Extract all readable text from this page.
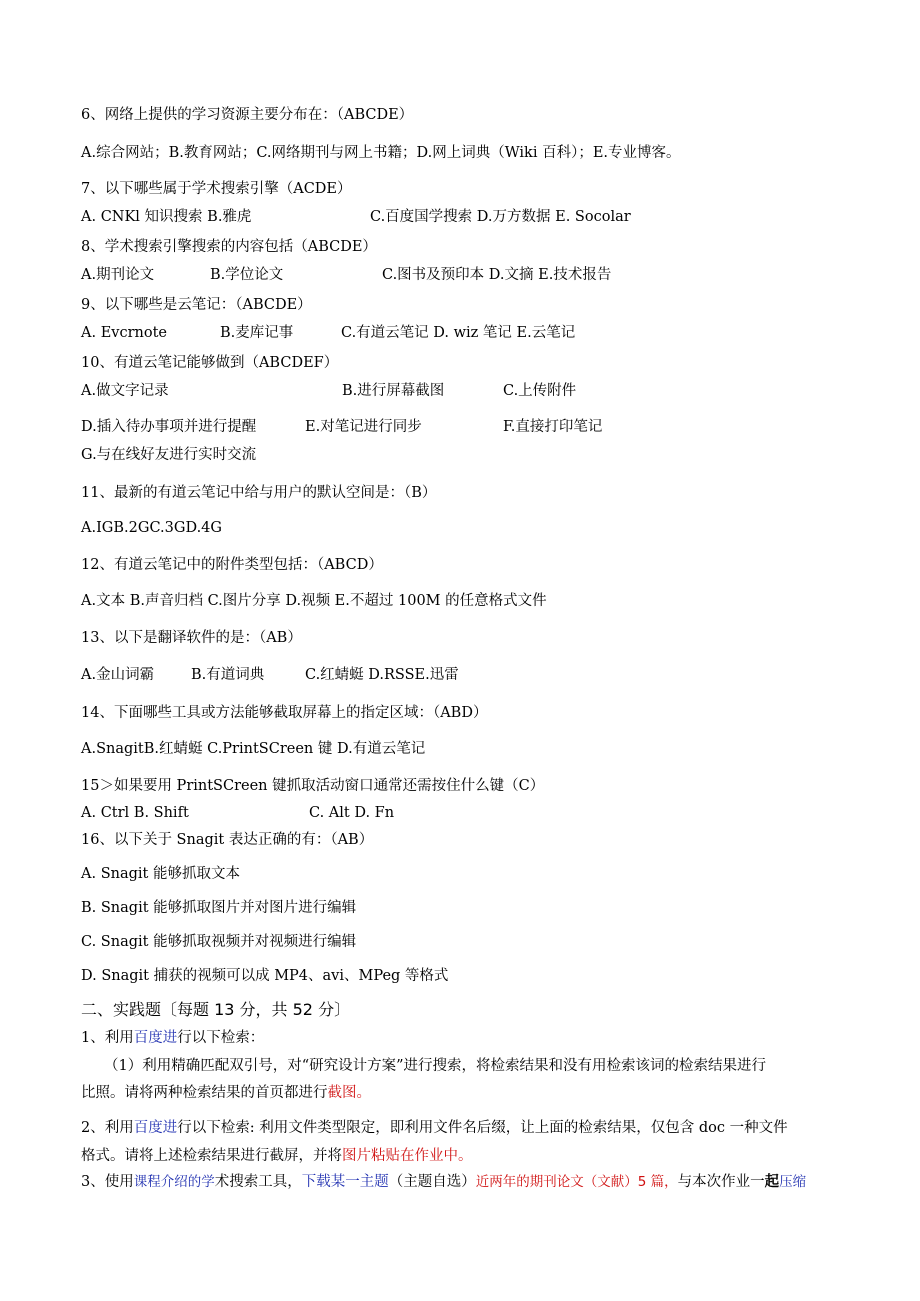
6、网络上提供的学习资源主要分布在：（ABCDE）
A.综合网站；B.教育网站；C.网络期刊与网上书籍；D.网上词典（Wiki 百科）；E.专业博客。
7、以下哪些属于学术搜索引擎（ACDE）
A. CNKl 知识搜索 B.雅虎	C.百度国学搜索 D.万方数据 E. Socolar
8、学术搜索引擎搜索的内容包括（ABCDE）
A.期刊论文	B.学位论文	C.图书及预印本 D.文摘 E.技术报告
9、以下哪些是云笔记：（ABCDE）
A. Evcrnote	B.麦库记事	C.有道云笔记 D. wiz 笔记 E.云笔记
10、有道云笔记能够做到（ABCDEF）
A.做文字记录	B.进行屏幕截图	C.上传附件
D.插入待办事项并进行提醒	E.对笔记进行同步	F.直接打印笔记
G.与在线好友进行实时交流
11、最新的有道云笔记中给与用户的默认空间是：（B）
A.IGB.2GC.3GD.4G
12、有道云笔记中的附件类型包括：（ABCD）
A.文本 B.声音归档 C.图片分享 D.视频 E.不超过 100M 的任意格式文件
13、以下是翻译软件的是：（AB）
A.金山词霸	B.有道词典	C.红蜻蜓 D.RSSE.迅雷
14、下面哪些工具或方法能够截取屏幕上的指定区域：（ABD）
A.SnagitB.红蜻蜓 C.PrintSCreen 键 D.有道云笔记
15＞如果要用 PrintSCreen 键抓取活动窗口通常还需按住什么键（C）
A. Ctrl B. Shift	C. Alt D. Fn
16、以下关于 Snagit 表达正确的有：（AB）
A. Snagit 能够抓取文本
B. Snagit 能够抓取图片并对图片进行编辑
C. Snagit 能够抓取视频并对视频进行编辑
D. Snagit 捕获的视频可以成 MP4、avi、MPeg 等格式
二、实践题〔每题 13 分，共 52 分〕
1、利用百度进行以下检索：
（1）利用精确匹配双引号，对“研究设计方案”进行搜索，将检索结果和没有用检索该词的检索结果进行
比照。请将两种检索结果的首页都进行截图。
2、利用百度进行以下检索: 利用文件类型限定，即利用文件名后缀，让上面的检索结果，仅包含 doc 一种文件
格式。请将上述检索结果进行截屏，并将图片粘贴在作业中。
3、使用课程介绍的学术搜索工具，下载某一主题（主题自选）近两年的期刊论文（文献）5 篇，与本次作业一起压缩
